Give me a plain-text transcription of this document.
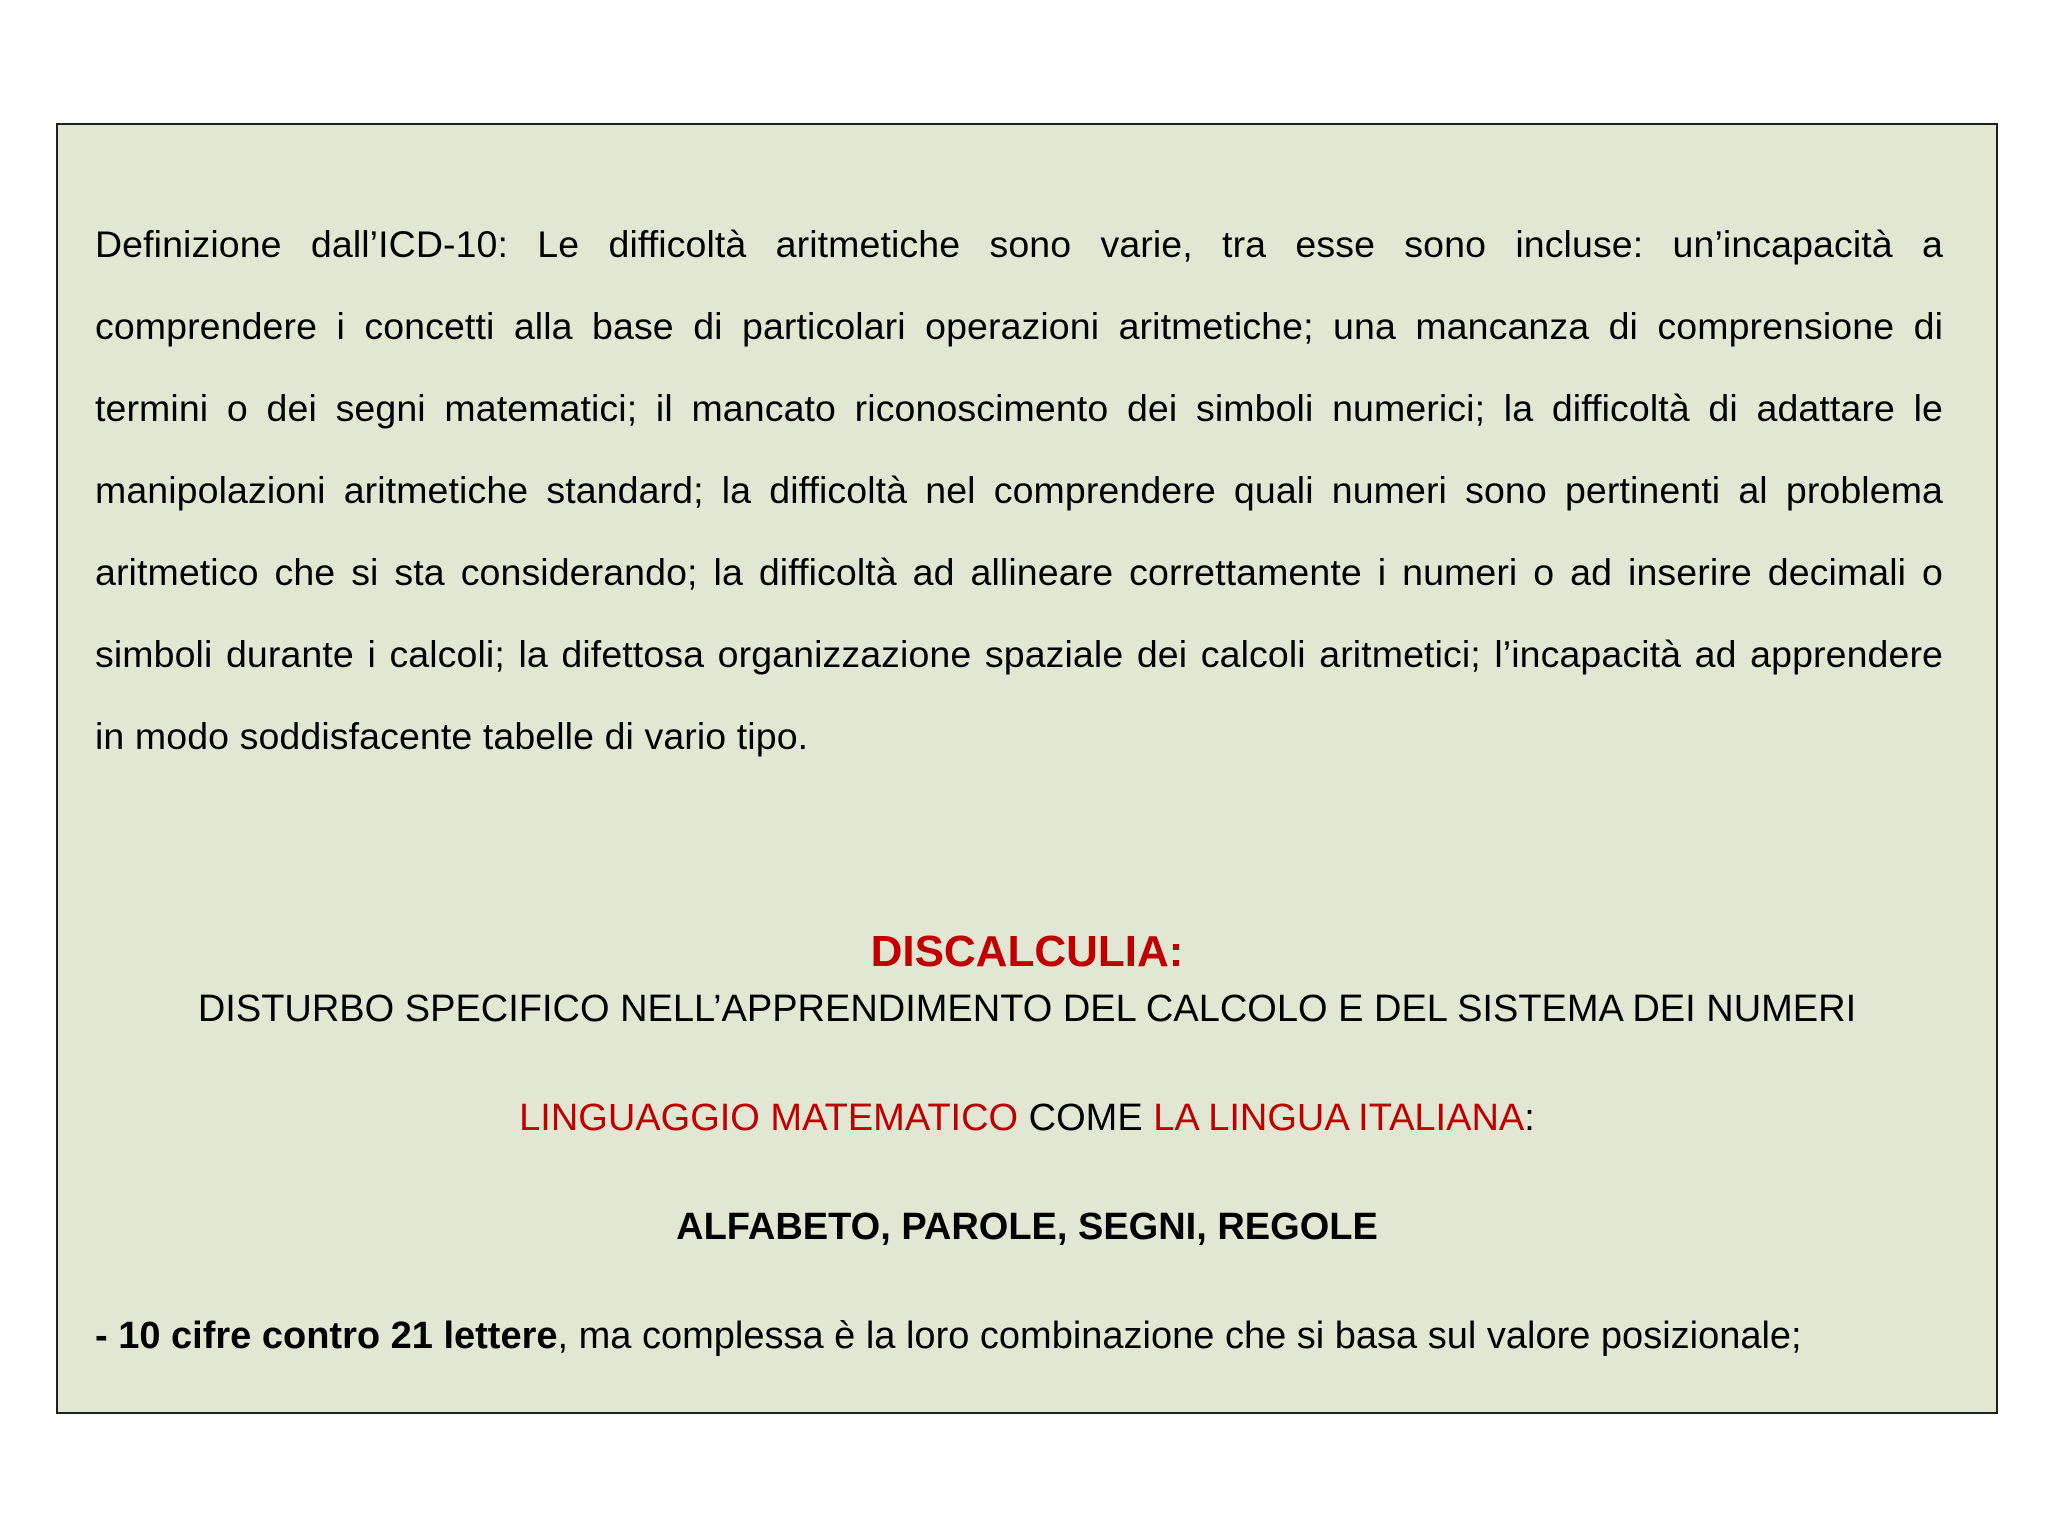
Definizione dall’ICD-10: Le difficoltà aritmetiche sono varie, tra esse sono incluse: un’incapacità a comprendere i concetti alla base di particolari operazioni aritmetiche; una mancanza di comprensione di termini o dei segni matematici; il mancato riconoscimento dei simboli numerici; la difficoltà di adattare le manipolazioni aritmetiche standard; la difficoltà nel comprendere quali numeri sono pertinenti al problema aritmetico che si sta considerando; la difficoltà ad allineare correttamente i numeri o ad inserire decimali o simboli durante i calcoli; la difettosa organizzazione spaziale dei calcoli aritmetici; l’incapacità ad apprendere in modo soddisfacente tabelle di vario tipo.

DISCALCULIA:
DISTURBO SPECIFICO NELL’APPRENDIMENTO DEL CALCOLO E DEL SISTEMA DEI NUMERI
LINGUAGGIO MATEMATICO COME LA LINGUA ITALIANA:
ALFABETO, PAROLE, SEGNI, REGOLE
- 10 cifre contro 21 lettere, ma complessa è la loro combinazione che si basa sul valore posizionale;
